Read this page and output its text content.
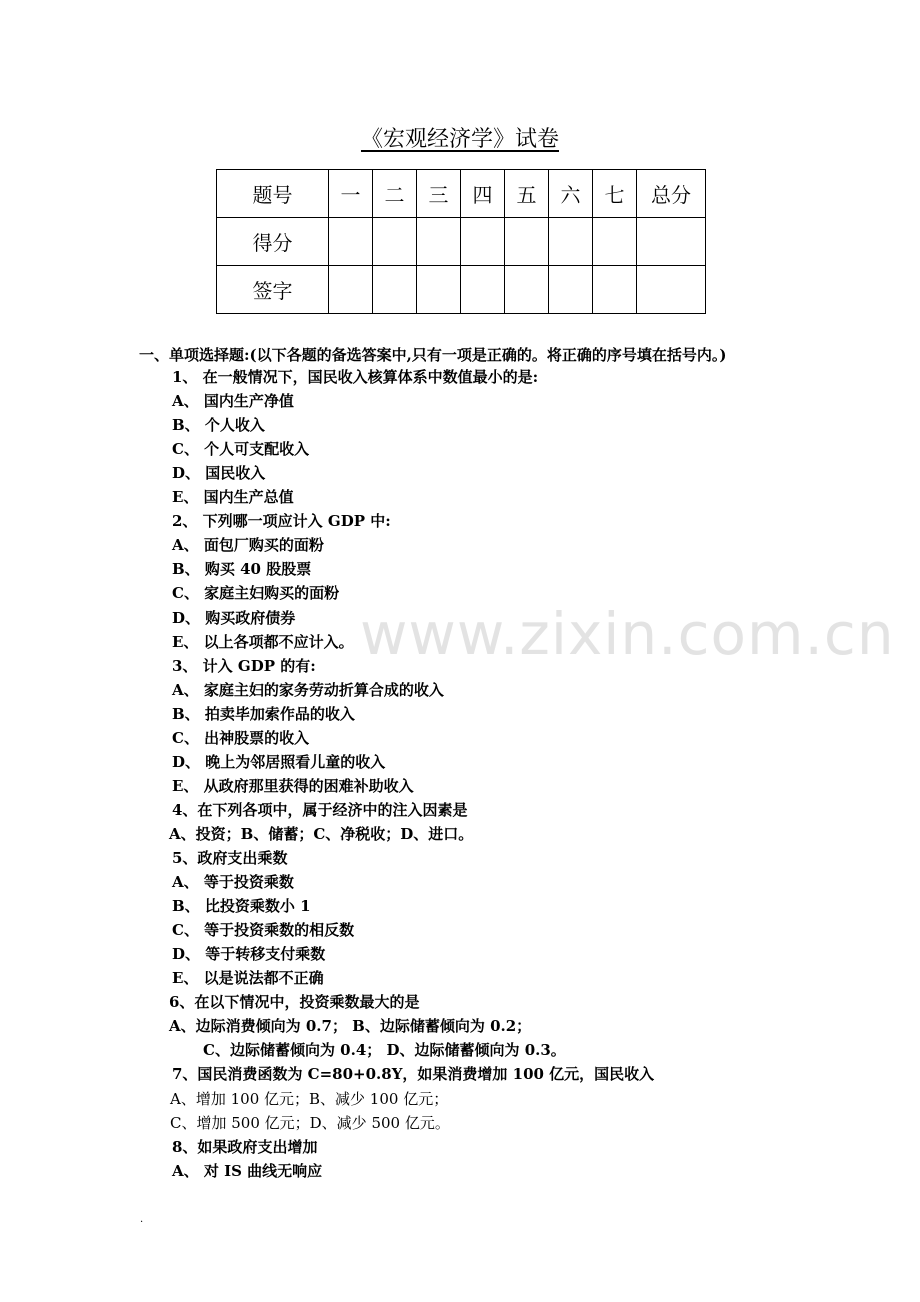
《宏观经济学》试卷
题号	一	二	三	四	五	六	七	总分
得分								
签字								
一、单项选择题:(以下各题的备选答案中,只有一项是正确的。将正确的序号填在括号内。)
www.zixin.com.cn
1、 在一般情况下，国民收入核算体系中数值最小的是:
A、 国内生产净值
B、 个人收入
C、 个人可支配收入
D、 国民收入
E、 国内生产总值
2、 下列哪一项应计入 GDP 中:
A、 面包厂购买的面粉
B、 购买 40 股股票
C、 家庭主妇购买的面粉
D、 购买政府债券
E、 以上各项都不应计入。
3、 计入 GDP 的有:
A、 家庭主妇的家务劳动折算合成的收入
B、 拍卖毕加索作品的收入
C、 出神股票的收入
D、 晚上为邻居照看儿童的收入
E、 从政府那里获得的困难补助收入
4、在下列各项中，属于经济中的注入因素是
A、投资；B、储蓄；C、净税收；D、进口。
5、政府支出乘数
A、 等于投资乘数
B、 比投资乘数小 1
C、 等于投资乘数的相反数
D、 等于转移支付乘数
E、 以是说法都不正确
6、在以下情况中，投资乘数最大的是
A、边际消费倾向为 0.7； B、边际储蓄倾向为 0.2；
C、边际储蓄倾向为 0.4； D、边际储蓄倾向为 0.3。
7、国民消费函数为 C=80+0.8Y，如果消费增加 100 亿元，国民收入
A、增加 100 亿元；B、减少 100 亿元；
C、增加 500 亿元；D、减少 500 亿元。
8、如果政府支出增加
A、 对 IS 曲线无响应
.
